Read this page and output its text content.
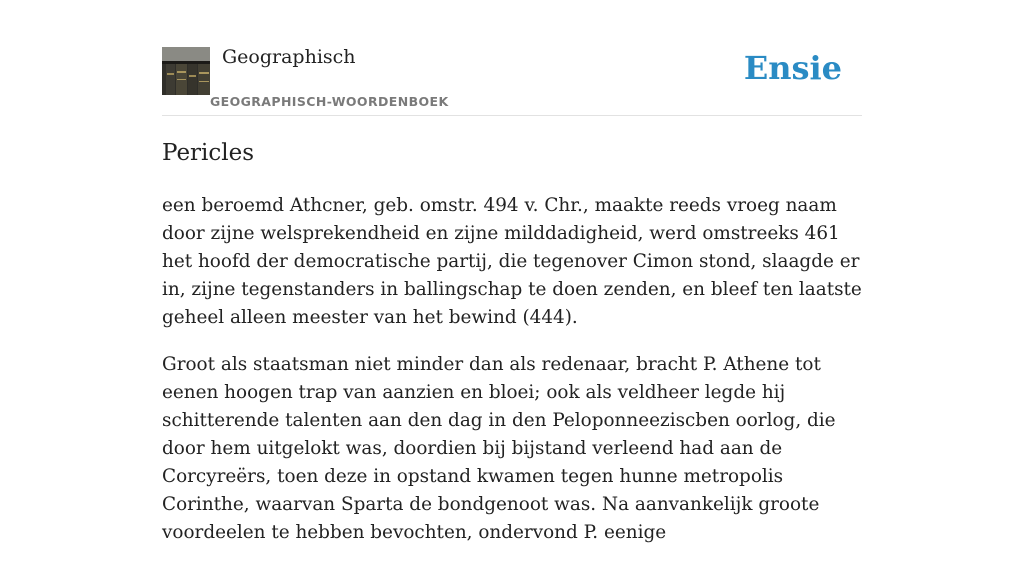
Geographisch
GEOGRAPHISCH-WOORDENBOEK
Ensie
Pericles

een beroemd Athcner, geb. omstr. 494 v. Chr., maakte reeds vroeg naam door zijne welsprekendheid en zijne milddadigheid, werd omstreeks 461 het hoofd der democratische partij, die tegenover Cimon stond, slaagde er in, zijne tegenstanders in ballingschap te doen zenden, en bleef ten laatste geheel alleen meester van het bewind (444).

Groot als staatsman niet minder dan als redenaar, bracht P. Athene tot eenen hoogen trap van aanzien en bloei; ook als veldheer legde hij schitterende talenten aan den dag in den Peloponneeziscben oorlog, die door hem uitgelokt was, doordien bij bijstand verleend had aan de Corcyreërs, toen deze in opstand kwamen tegen hunne metropolis Corinthe, waarvan Sparta de bondgenoot was. Na aanvankelijk groote voordeelen te hebben bevochten, ondervond P. eenige
